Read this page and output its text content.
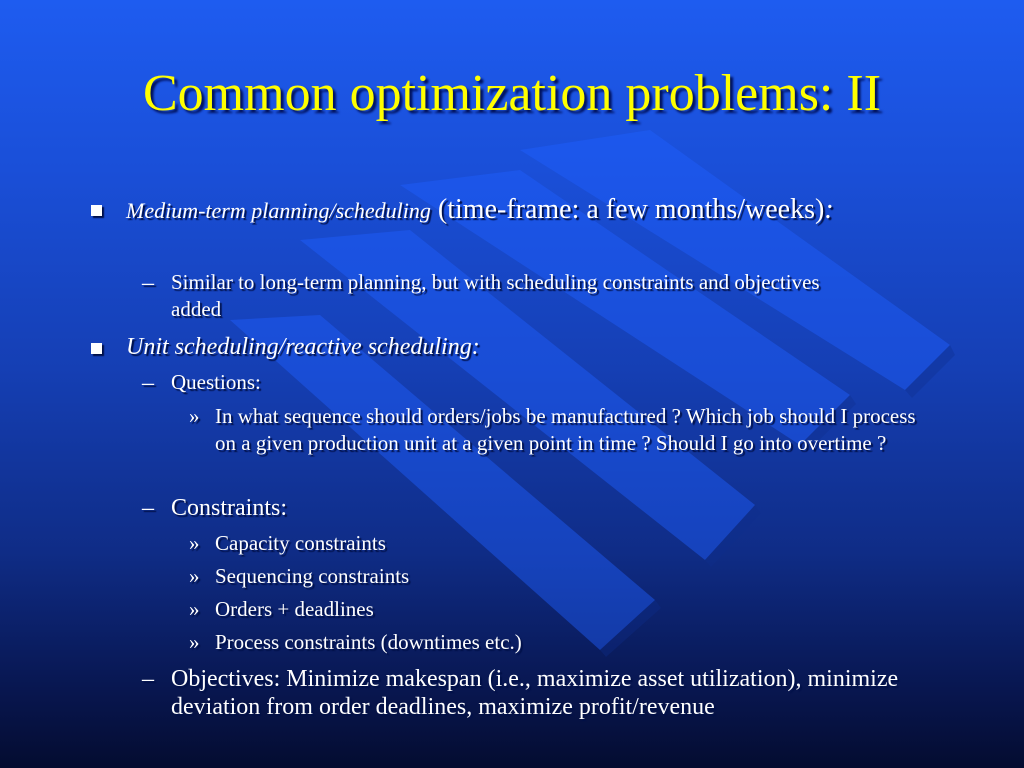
Common optimization problems: II
Medium-term planning/scheduling (time-frame: a few months/weeks):
– Similar to long-term planning, but with scheduling constraints and objectives added
Unit scheduling/reactive scheduling:
– Questions:
» In what sequence should orders/jobs be manufactured ? Which job should I process on a given production unit at a given point in time ? Should I go into overtime ?
– Constraints:
» Capacity constraints
» Sequencing constraints
» Orders + deadlines
» Process constraints (downtimes etc.)
– Objectives: Minimize makespan (i.e., maximize asset utilization), minimize deviation from order deadlines, maximize profit/revenue
